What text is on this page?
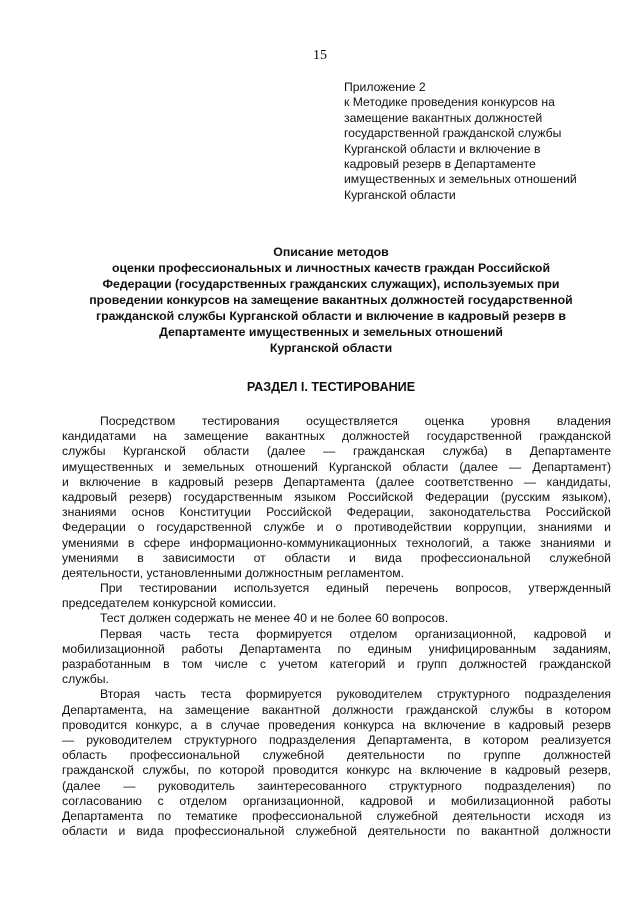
15
Приложение 2
к Методике проведения конкурсов на
замещение вакантных должностей
государственной гражданской службы
Курганской области и включение в
кадровый резерв в Департаменте
имущественных и земельных отношений
Курганской области
Описание методов
оценки профессиональных и личностных качеств граждан Российской
Федерации (государственных гражданских служащих), используемых при
проведении конкурсов на замещение вакантных должностей государственной
гражданской службы Курганской области и включение в кадровый резерв в
Департаменте имущественных и земельных отношений
Курганской области
РАЗДЕЛ I. ТЕСТИРОВАНИЕ
Посредством тестирования осуществляется оценка уровня владения
кандидатами на замещение вакантных должностей государственной гражданской
службы Курганской области (далее — гражданская служба) в Департаменте
имущественных и земельных отношений Курганской области (далее — Департамент)
и включение в кадровый резерв Департамента (далее соответственно — кандидаты,
кадровый резерв) государственным языком Российской Федерации (русским языком),
знаниями основ Конституции Российской Федерации, законодательства Российской
Федерации о государственной службе и о противодействии коррупции, знаниями и
умениями в сфере информационно-коммуникационных технологий, а также знаниями и
умениями в зависимости от области и вида профессиональной служебной
деятельности, установленными должностным регламентом.
При тестировании используется единый перечень вопросов, утвержденный
председателем конкурсной комиссии.
Тест должен содержать не менее 40 и не более 60 вопросов.
Первая часть теста формируется отделом организационной, кадровой и
мобилизационной работы Департамента по единым унифицированным заданиям,
разработанным в том числе с учетом категорий и групп должностей гражданской
службы.
Вторая часть теста формируется руководителем структурного подразделения
Департамента, на замещение вакантной должности гражданской службы в котором
проводится конкурс, а в случае проведения конкурса на включение в кадровый резерв
— руководителем структурного подразделения Департамента, в котором реализуется
область профессиональной служебной деятельности по группе должностей
гражданской службы, по которой проводится конкурс на включение в кадровый резерв,
(далее — руководитель заинтересованного структурного подразделения) по
согласованию с отделом организационной, кадровой и мобилизационной работы
Департамента по тематике профессиональной служебной деятельности исходя из
области и вида профессиональной служебной деятельности по вакантной должности
